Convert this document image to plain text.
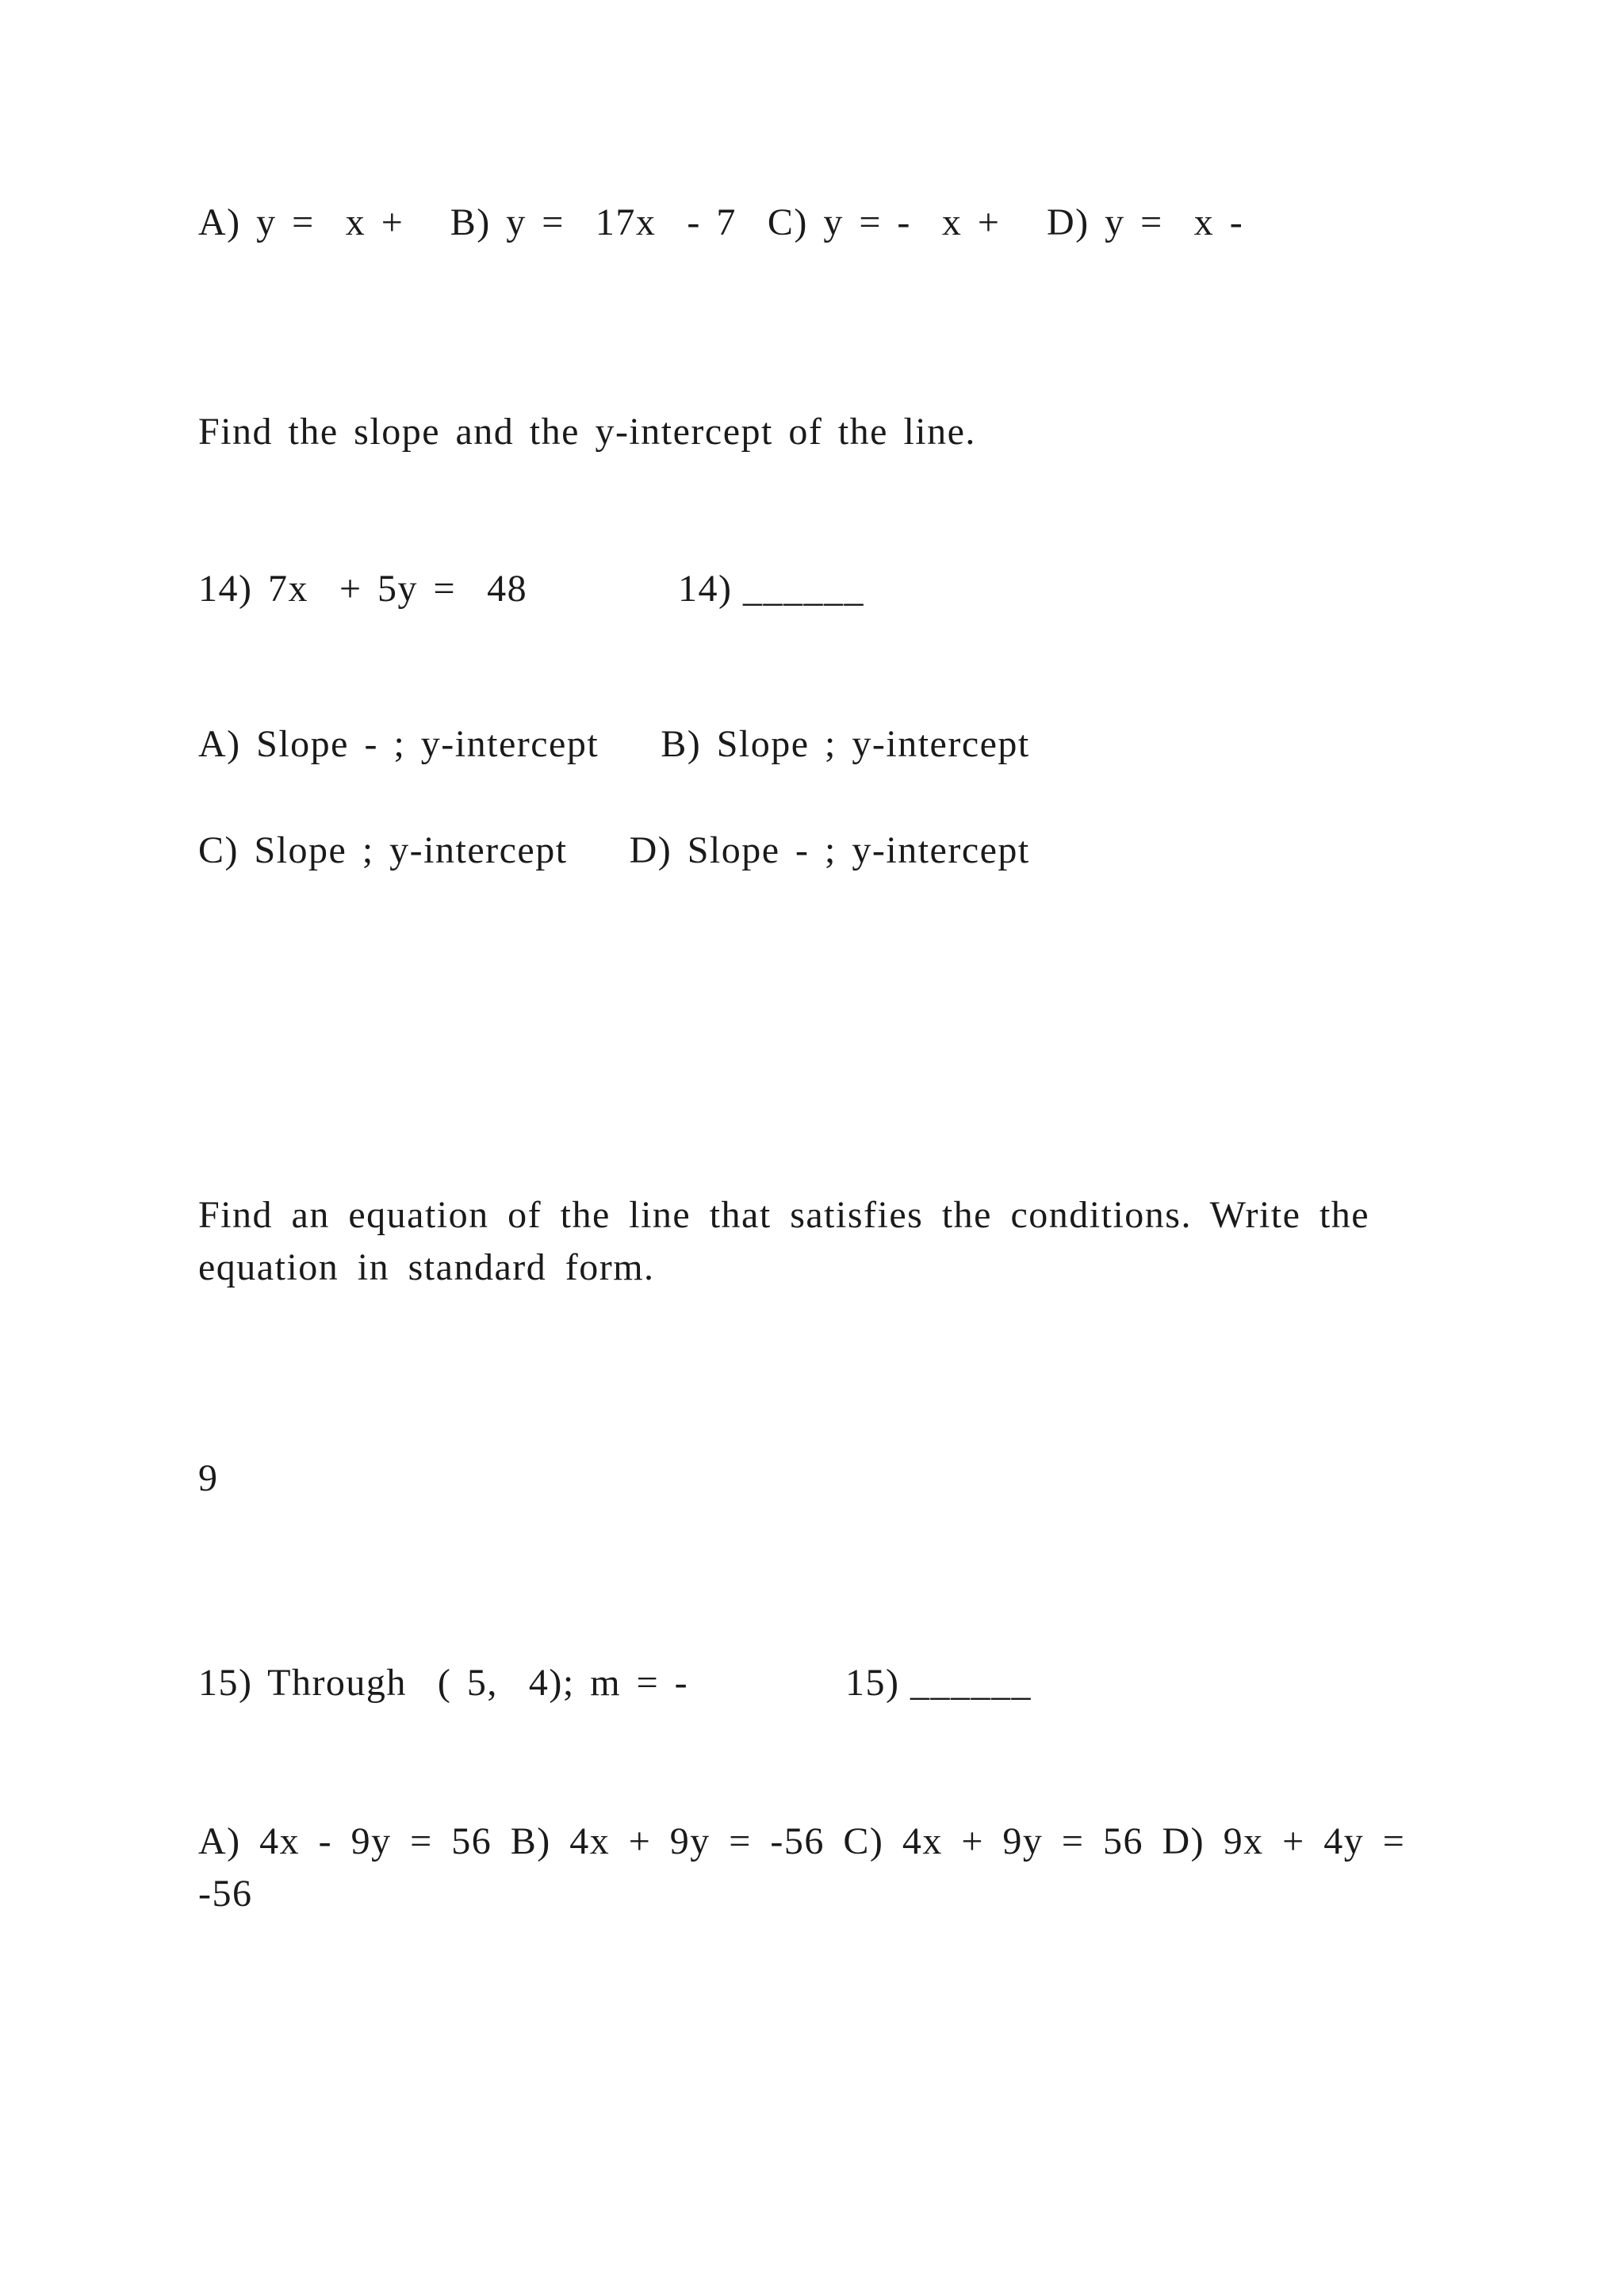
A) y =  x +   B) y =  17x  - 7  C) y = -  x +   D) y =  x -
Find the slope and the y-intercept of the line.
14) 7x  + 5y =  48	14) ______
A) Slope - ; y-intercept    B) Slope ; y-intercept
C) Slope ; y-intercept    D) Slope - ; y-intercept
Find an equation of the line that satisfies the conditions. Write the equation in standard form.
9
15) Through  ( 5,  4); m = -	15) ______
A) 4x - 9y = 56 B) 4x + 9y = -56 C) 4x + 9y = 56 D) 9x + 4y = -56
